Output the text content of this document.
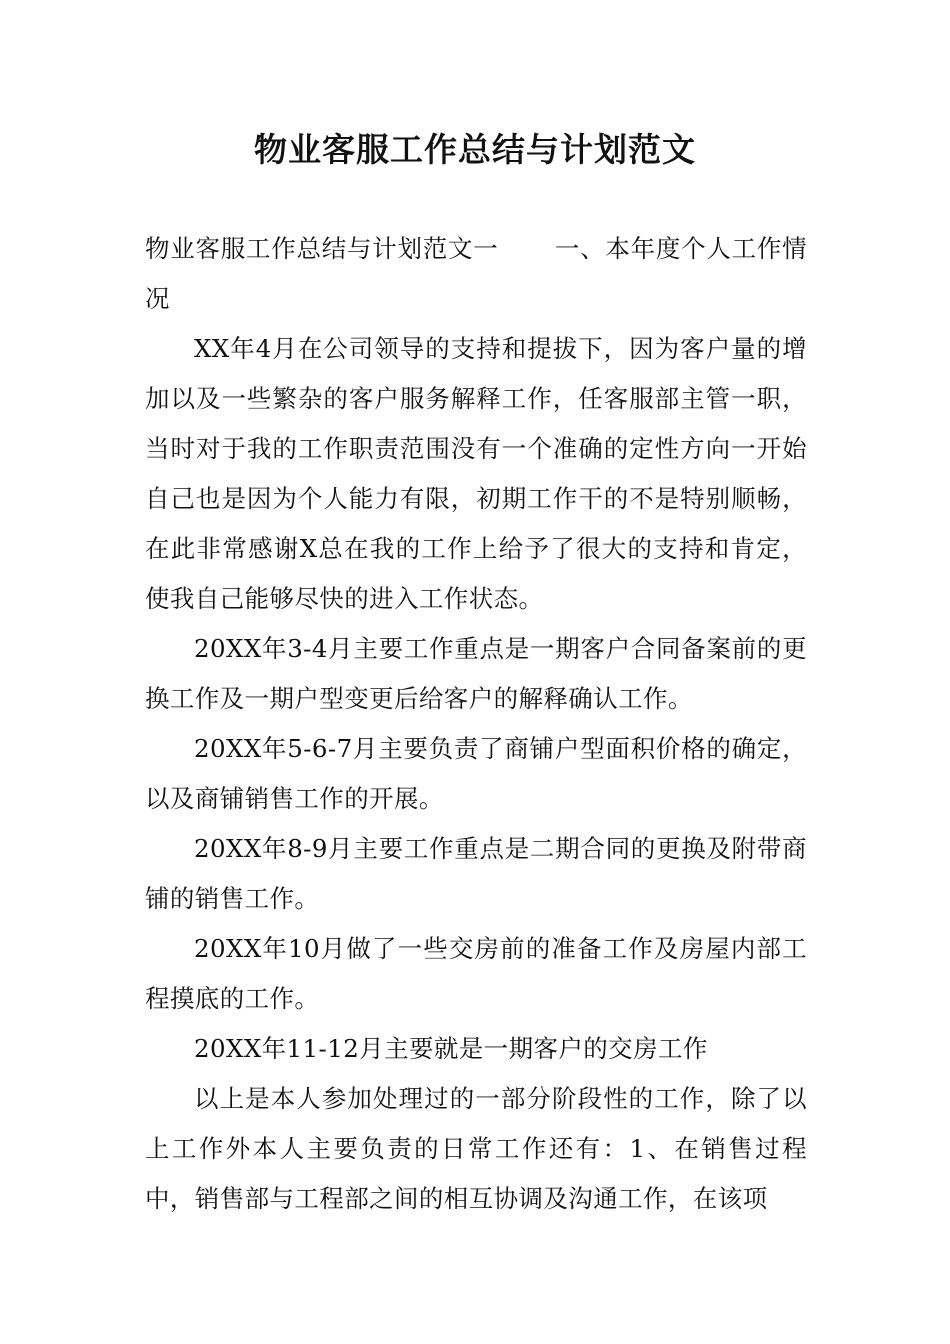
物业客服工作总结与计划范文

物业客服工作总结与计划范文一 一、本年度个人工作情况

XX年4月在公司领导的支持和提拔下，因为客户量的增加以及一些繁杂的客户服务解释工作，任客服部主管一职，当时对于我的工作职责范围没有一个准确的定性方向一开始自己也是因为个人能力有限，初期工作干的不是特别顺畅，在此非常感谢X总在我的工作上给予了很大的支持和肯定，使我自己能够尽快的进入工作状态。

20XX年3-4月主要工作重点是一期客户合同备案前的更换工作及一期户型变更后给客户的解释确认工作。

20XX年5-6-7月主要负责了商铺户型面积价格的确定，以及商铺销售工作的开展。

20XX年8-9月主要工作重点是二期合同的更换及附带商铺的销售工作。

20XX年10月做了一些交房前的准备工作及房屋内部工程摸底的工作。

20XX年11-12月主要就是一期客户的交房工作

以上是本人参加处理过的一部分阶段性的工作，除了以上工作外本人主要负责的日常工作还有：1、在销售过程中，销售部与工程部之间的相互协调及沟通工作，在该项
